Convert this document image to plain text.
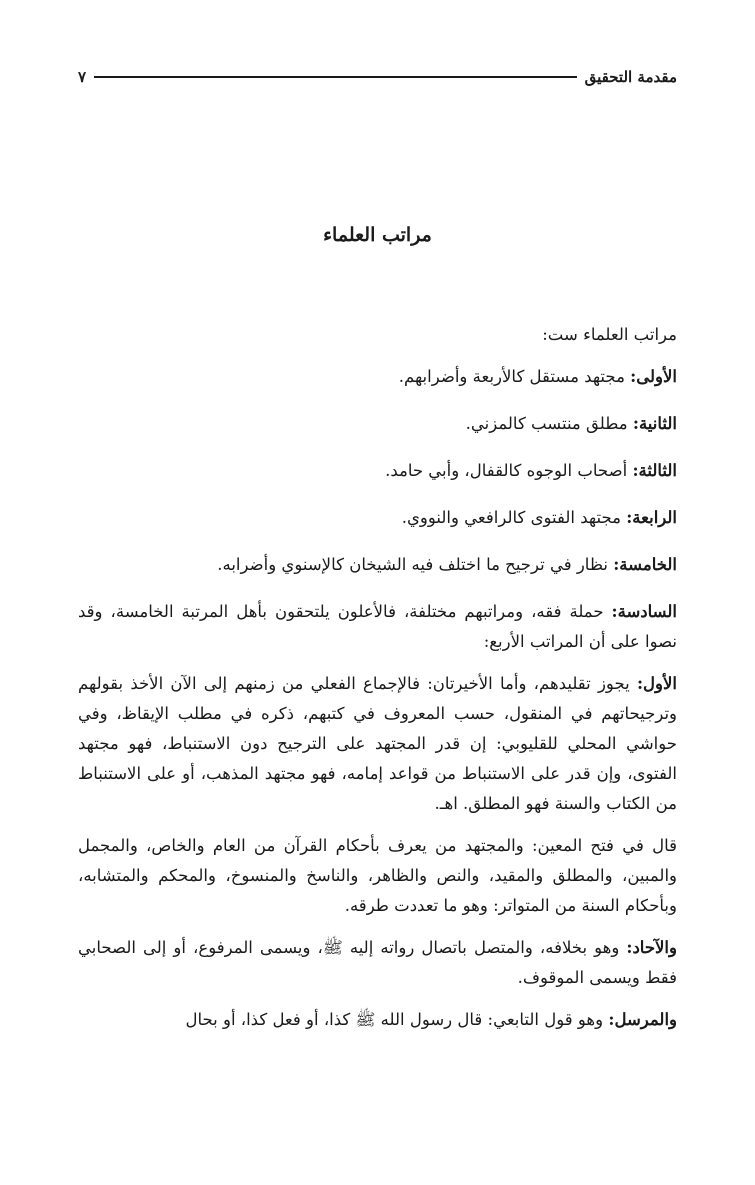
مقدمة التحقيق
٧
مراتب العلماء

مراتب العلماء ست:

الأولى: مجتهد مستقل كالأربعة وأضرابهم.

الثانية: مطلق منتسب كالمزني.

الثالثة: أصحاب الوجوه كالقفال، وأبي حامد.

الرابعة: مجتهد الفتوى كالرافعي والنووي.

الخامسة: نظار في ترجيح ما اختلف فيه الشيخان كالإسنوي وأضرابه.

السادسة: حملة فقه، ومراتبهم مختلفة، فالأعلون يلتحقون بأهل المرتبة الخامسة، وقد نصوا على أن المراتب الأربع:

الأول: يجوز تقليدهم، وأما الأخيرتان: فالإجماع الفعلي من زمنهم إلى الآن الأخذ بقولهم وترجيحاتهم في المنقول، حسب المعروف في كتبهم، ذكره في مطلب الإيقاظ، وفي حواشي المحلي للقليوبي: إن قدر المجتهد على الترجيح دون الاستنباط، فهو مجتهد الفتوى، وإن قدر على الاستنباط من قواعد إمامه، فهو مجتهد المذهب، أو على الاستنباط من الكتاب والسنة فهو المطلق. اهـ.

قال في فتح المعين: والمجتهد من يعرف بأحكام القرآن من العام والخاص، والمجمل والمبين، والمطلق والمقيد، والنص والظاهر، والناسخ والمنسوخ، والمحكم والمتشابه، وبأحكام السنة من المتواتر: وهو ما تعددت طرقه.

والآحاد: وهو بخلافه، والمتصل باتصال رواته إليه ﷺ، ويسمى المرفوع، أو إلى الصحابي فقط ويسمى الموقوف.

والمرسل: وهو قول التابعي: قال رسول الله ﷺ كذا، أو فعل كذا، أو بحال
